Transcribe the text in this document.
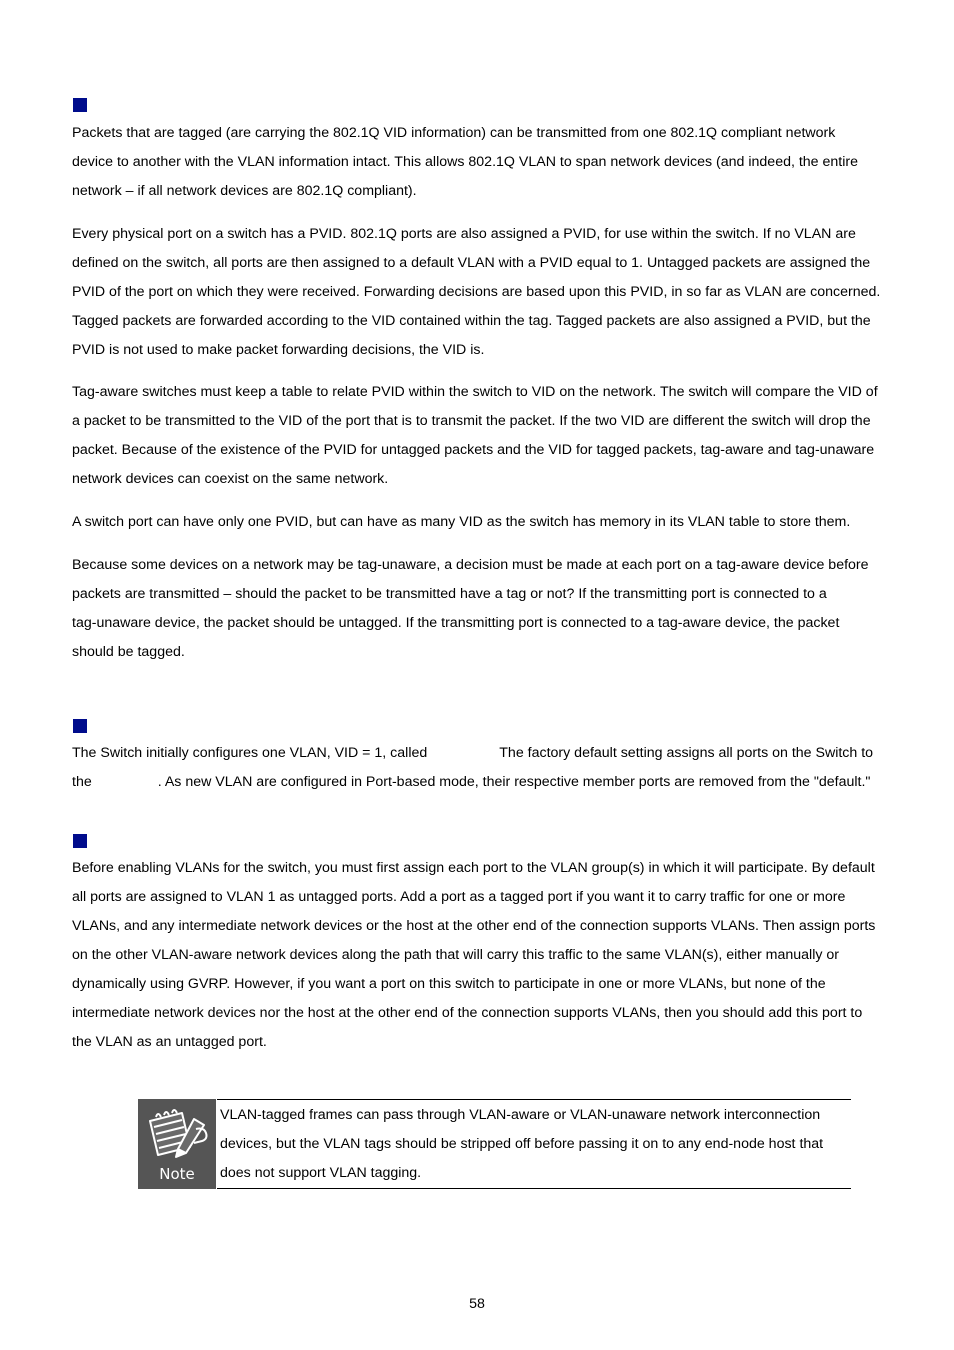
Packets that are tagged (are carrying the 802.1Q VID information) can be transmitted from one 802.1Q compliant network
device to another with the VLAN information intact. This allows 802.1Q VLAN to span network devices (and indeed, the entire
network – if all network devices are 802.1Q compliant).
Every physical port on a switch has a PVID. 802.1Q ports are also assigned a PVID, for use within the switch. If no VLAN are
defined on the switch, all ports are then assigned to a default VLAN with a PVID equal to 1. Untagged packets are assigned the
PVID of the port on which they were received. Forwarding decisions are based upon this PVID, in so far as VLAN are concerned.
Tagged packets are forwarded according to the VID contained within the tag. Tagged packets are also assigned a PVID, but the
PVID is not used to make packet forwarding decisions, the VID is.
Tag-aware switches must keep a table to relate PVID within the switch to VID on the network. The switch will compare the VID of
a packet to be transmitted to the VID of the port that is to transmit the packet. If the two VID are different the switch will drop the
packet. Because of the existence of the PVID for untagged packets and the VID for tagged packets, tag-aware and tag-unaware
network devices can coexist on the same network.
A switch port can have only one PVID, but can have as many VID as the switch has memory in its VLAN table to store them.
Because some devices on a network may be tag-unaware, a decision must be made at each port on a tag-aware device before
packets are transmitted – should the packet to be transmitted have a tag or not? If the transmitting port is connected to a
tag-unaware device, the packet should be untagged. If the transmitting port is connected to a tag-aware device, the packet
should be tagged.
The Switch initially configures one VLAN, VID = 1, called	The factory default setting assigns all ports on the Switch to
the	. As new VLAN are configured in Port-based mode, their respective member ports are removed from the "default."
Before enabling VLANs for the switch, you must first assign each port to the VLAN group(s) in which it will participate. By default
all ports are assigned to VLAN 1 as untagged ports. Add a port as a tagged port if you want it to carry traffic for one or more
VLANs, and any intermediate network devices or the host at the other end of the connection supports VLANs. Then assign ports
on the other VLAN-aware network devices along the path that will carry this traffic to the same VLAN(s), either manually or
dynamically using GVRP. However, if you want a port on this switch to participate in one or more VLANs, but none of the
intermediate network devices nor the host at the other end of the connection supports VLANs, then you should add this port to
the VLAN as an untagged port.
Note
VLAN-tagged frames can pass through VLAN-aware or VLAN-unaware network interconnection
devices, but the VLAN tags should be stripped off before passing it on to any end-node host that
does not support VLAN tagging.
58
